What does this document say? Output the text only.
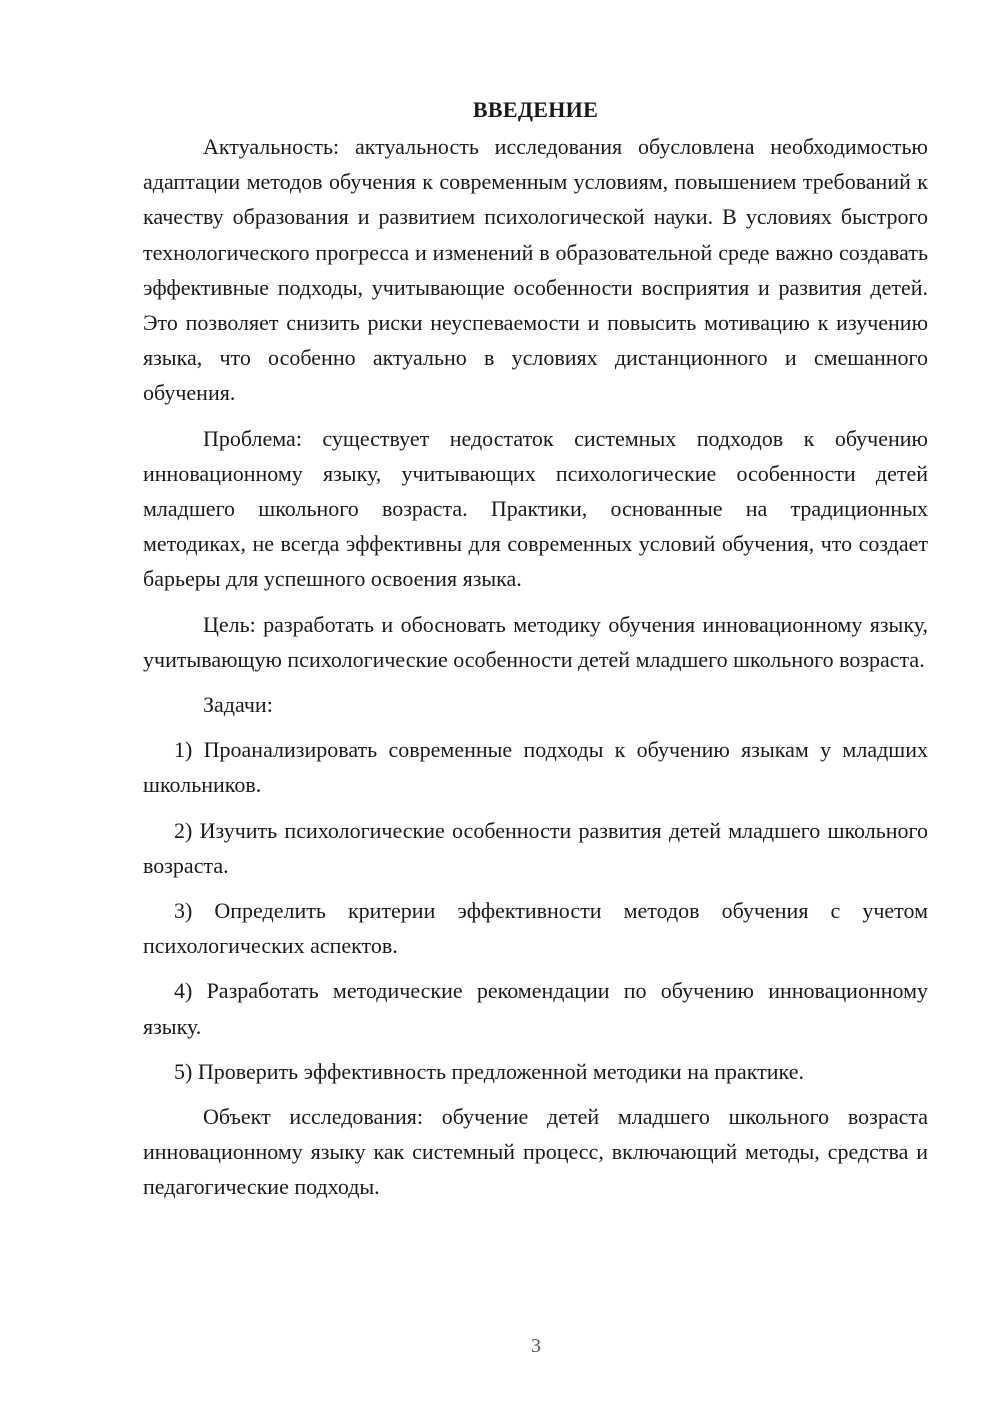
ВВЕДЕНИЕ

Актуальность: актуальность исследования обусловлена необходимостью адаптации методов обучения к современным условиям, повышением требований к качеству образования и развитием психологической науки. В условиях быстрого технологического прогресса и изменений в образовательной среде важно создавать эффективные подходы, учитывающие особенности восприятия и развития детей. Это позволяет снизить риски неуспеваемости и повысить мотивацию к изучению языка, что особенно актуально в условиях дистанционного и смешанного обучения.

Проблема: существует недостаток системных подходов к обучению инновационному языку, учитывающих психологические особенности детей младшего школьного возраста. Практики, основанные на традиционных методиках, не всегда эффективны для современных условий обучения, что создает барьеры для успешного освоения языка.

Цель: разработать и обосновать методику обучения инновационному языку, учитывающую психологические особенности детей младшего школьного возраста.

Задачи:

1) Проанализировать современные подходы к обучению языкам у младших школьников.

2) Изучить психологические особенности развития детей младшего школьного возраста.

3) Определить критерии эффективности методов обучения с учетом психологических аспектов.

4) Разработать методические рекомендации по обучению инновационному языку.

5) Проверить эффективность предложенной методики на практике.

Объект исследования: обучение детей младшего школьного возраста инновационному языку как системный процесс, включающий методы, средства и педагогические подходы.

3
